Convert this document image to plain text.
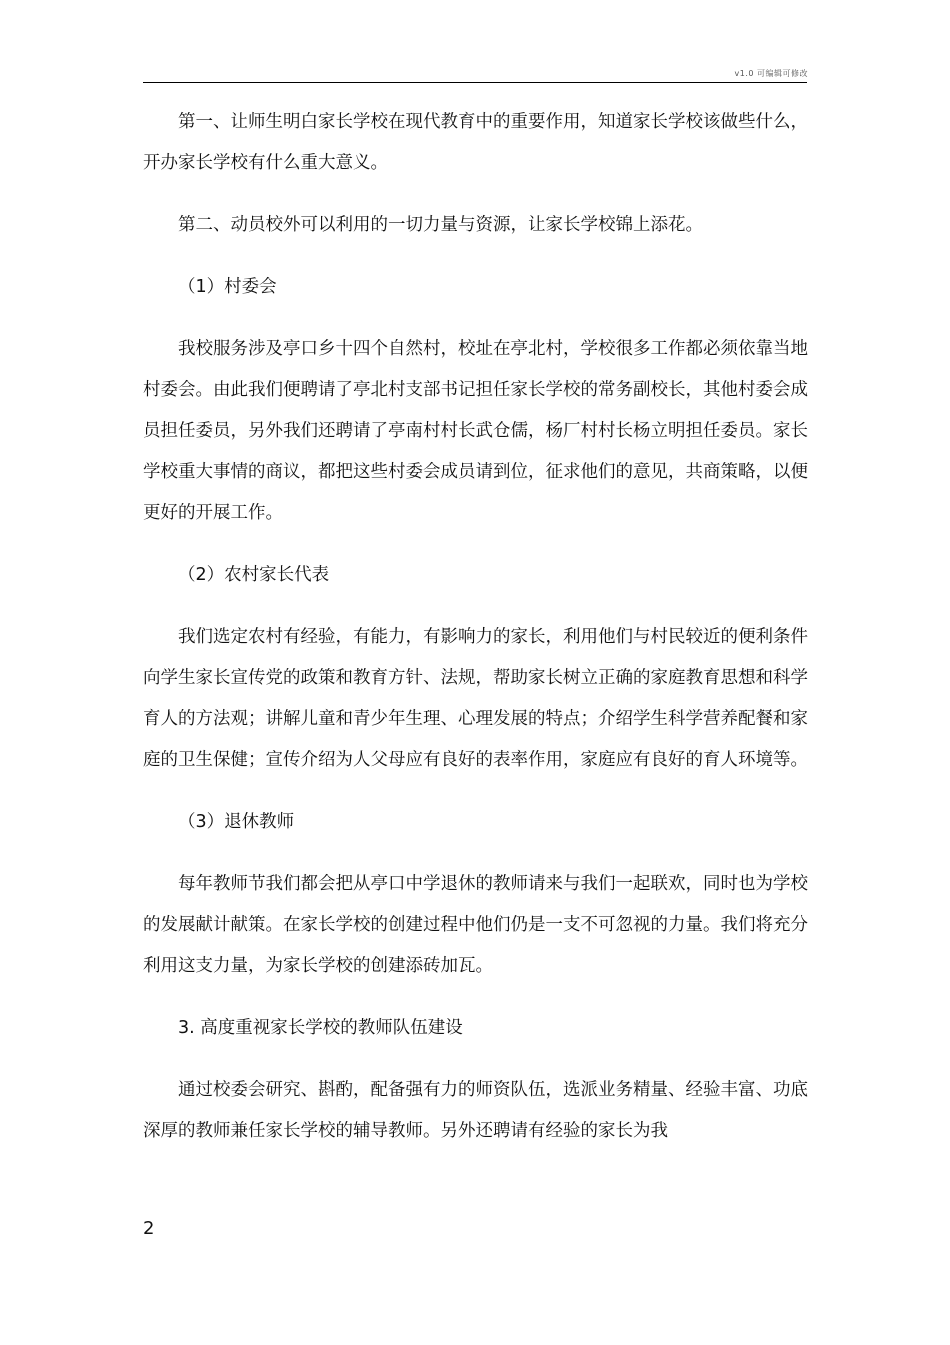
v1.0 可编辑可修改

第一、让师生明白家长学校在现代教育中的重要作用，知道家长学校该做些什么，开办家长学校有什么重大意义。

第二、动员校外可以利用的一切力量与资源，让家长学校锦上添花。

（1）村委会

我校服务涉及亭口乡十四个自然村，校址在亭北村，学校很多工作都必须依靠当地村委会。由此我们便聘请了亭北村支部书记担任家长学校的常务副校长，其他村委会成员担任委员，另外我们还聘请了亭南村村长武仓儒，杨厂村村长杨立明担任委员。家长学校重大事情的商议，都把这些村委会成员请到位，征求他们的意见，共商策略，以便更好的开展工作。

（2）农村家长代表

我们选定农村有经验，有能力，有影响力的家长，利用他们与村民较近的便利条件向学生家长宣传党的政策和教育方针、法规，帮助家长树立正确的家庭教育思想和科学育人的方法观；讲解儿童和青少年生理、心理发展的特点；介绍学生科学营养配餐和家庭的卫生保健；宣传介绍为人父母应有良好的表率作用，家庭应有良好的育人环境等。

（3）退休教师

每年教师节我们都会把从亭口中学退休的教师请来与我们一起联欢，同时也为学校的发展献计献策。在家长学校的创建过程中他们仍是一支不可忽视的力量。我们将充分利用这支力量，为家长学校的创建添砖加瓦。

3. 高度重视家长学校的教师队伍建设

通过校委会研究、斟酌，配备强有力的师资队伍，选派业务精量、经验丰富、功底深厚的教师兼任家长学校的辅导教师。另外还聘请有经验的家长为我

2
